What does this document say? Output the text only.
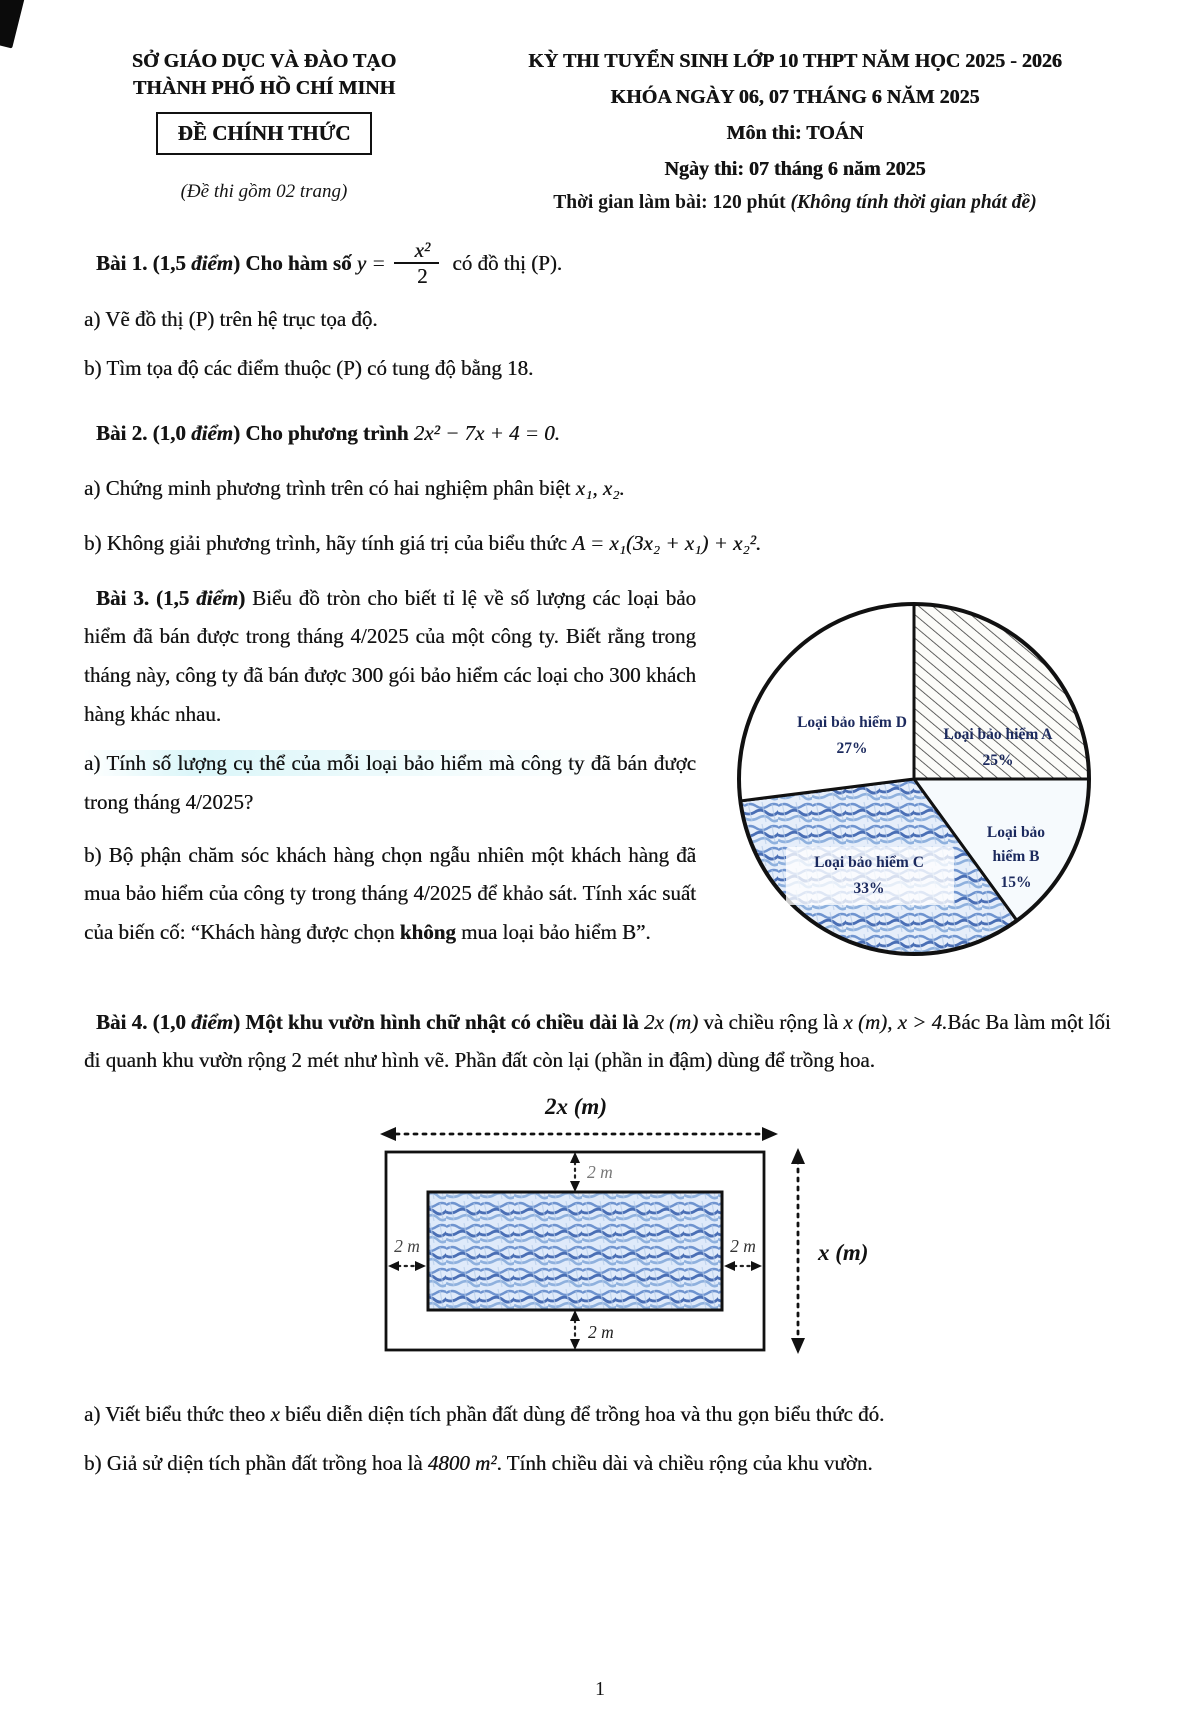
SỞ GIÁO DỤC VÀ ĐÀO TẠO
THÀNH PHỐ HỒ CHÍ MINH
ĐỀ CHÍNH THỨC
(Đề thi gồm 02 trang)
KỲ THI TUYỂN SINH LỚP 10 THPT NĂM HỌC 2025 - 2026
KHÓA NGÀY 06, 07 THÁNG 6 NĂM 2025
Môn thi: TOÁN
Ngày thi: 07 tháng 6 năm 2025
Thời gian làm bài: 120 phút (Không tính thời gian phát đề)

Bài 1. (1,5 điểm) Cho hàm số $y = \frac{\text{x²}}{2}$ có đồ thị (P).

a) Vẽ đồ thị (P) trên hệ trục tọa độ.

b) Tìm tọa độ các điểm thuộc (P) có tung độ bằng 18.

Bài 2. (1,0 điểm) Cho phương trình 2x² − 7x + 4 = 0.

a) Chứng minh phương trình trên có hai nghiệm phân biệt x₁, x₂.

b) Không giải phương trình, hãy tính giá trị của biểu thức A = x₁(3x₂ + x₁) + x₂².

Bài 3. (1,5 điểm) Biểu đồ tròn cho biết tỉ lệ về số lượng các loại bảo hiểm đã bán được trong tháng 4/2025 của một công ty. Biết rằng trong tháng này, công ty đã bán được 300 gói bảo hiểm các loại cho 300 khách hàng khác nhau.

a) Tính số lượng cụ thể của mỗi loại bảo hiểm mà công ty đã bán được trong tháng 4/2025?

b) Bộ phận chăm sóc khách hàng chọn ngẫu nhiên một khách hàng đã mua bảo hiểm của công ty trong tháng 4/2025 để khảo sát. Tính xác suất của biến cố: “Khách hàng được chọn không mua loại bảo hiểm B”.

Loại bảo hiểm D
27%
Loại bảo hiểm A
25%
Loại bảo
hiểm B
15%
Loại bảo hiểm C
33%

Bài 4. (1,0 điểm) Một khu vườn hình chữ nhật có chiều dài là 2x (m) và chiều rộng là x (m), x > 4.Bác Ba làm một lối đi quanh khu vườn rộng 2 mét như hình vẽ. Phần đất còn lại (phần in đậm) dùng để trồng hoa.

2x (m)
2 m
2 m
2 m	2 m	x (m)

a) Viết biểu thức theo x biểu diễn diện tích phần đất dùng để trồng hoa và thu gọn biểu thức đó.

b) Giả sử diện tích phần đất trồng hoa là 4800 m². Tính chiều dài và chiều rộng của khu vườn.

1
